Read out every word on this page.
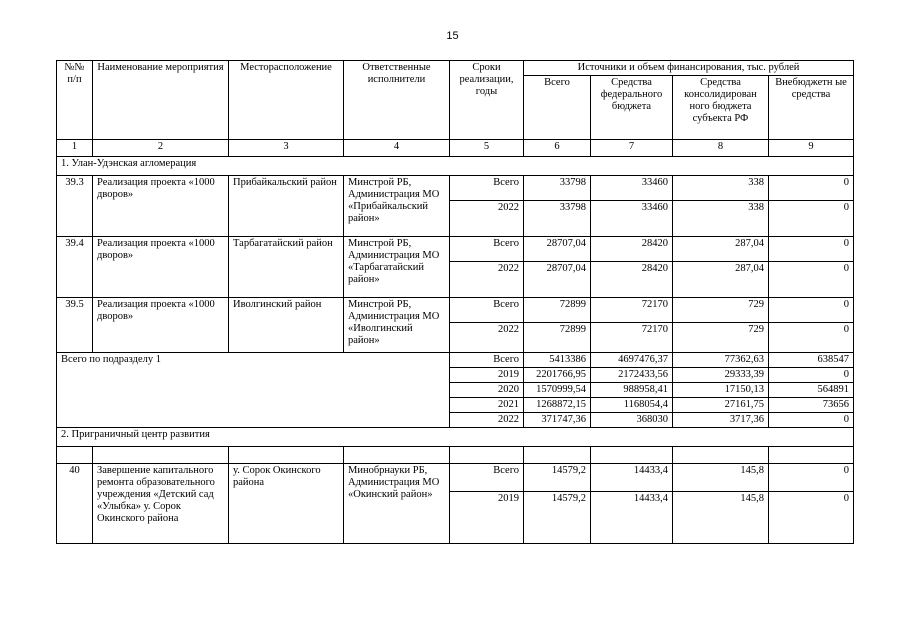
15
№№ п/п	Наименование мероприятия	Месторасположение	Ответственные исполнители	Сроки реализации, годы	Источники и объем финансирования, тыс. рублей			
					Всего	Средства федерального бюджета	Средства консолидирован ного бюджета субъекта РФ	Внебюджетн ые средства
1	2	3	4	5	6	7	8	9
1. Улан-Удэнская агломерация								
39.3	Реализация проекта «1000 дворов»	Прибайкальский район	Минстрой РБ, Администрация МО «Прибайкальский район»	Всего	33798	33460	338	0
				2022	33798	33460	338	0
39.4	Реализация проекта «1000 дворов»	Тарбагатайский район	Минстрой РБ, Администрация МО «Тарбагатайский район»	Всего	28707,04	28420	287,04	0
				2022	28707,04	28420	287,04	0
39.5	Реализация проекта «1000 дворов»	Иволгинский район	Минстрой РБ, Администрация МО «Иволгинский район»	Всего	72899	72170	729	0
				2022	72899	72170	729	0
Всего по подразделу 1				Всего	5413386	4697476,37	77362,63	638547
				2019	2201766,95	2172433,56	29333,39	0
				2020	1570999,54	988958,41	17150,13	564891
				2021	1268872,15	1168054,4	27161,75	73656
				2022	371747,36	368030	3717,36	0
2. Приграничный центр развития								

40	Завершение капитального ремонта образовательного учреждения «Детский сад «Улыбка» у. Сорок Окинского района	у. Сорок Окинского района	Минобрнауки РБ, Администрация МО «Окинский район»	Всего	14579,2	14433,4	145,8	0
				2019	14579,2	14433,4	145,8	0
